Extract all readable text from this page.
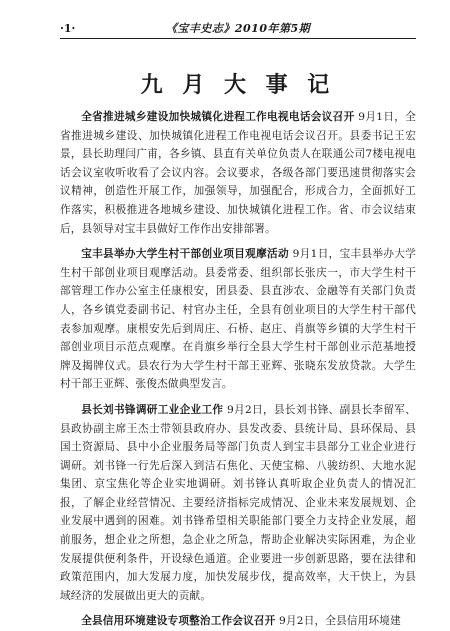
·1·	《宝丰史志》2010年第5期
九 月 大 事 记

全省推进城乡建设加快城镇化进程工作电视电话会议召开 9月1日，全省推进城乡建设、加快城镇化进程工作电视电话会议召开。县委书记王宏景，县长助理闫广甫，各乡镇、县直有关单位负责人在联通公司7楼电视电话会议室收听收看了会议内容。会议要求，各级各部门要迅速贯彻落实会议精神，创造性开展工作，加强领导，加强配合，形成合力，全面抓好工作落实，积极推进各地城乡建设、加快城镇化进程工作。省、市会议结束后，县领导对宝丰县做好工作作出安排部署。

宝丰县举办大学生村干部创业项目观摩活动 9月1日，宝丰县举办大学生村干部创业项目观摩活动。县委常委、组织部长张庆一，市大学生村干部管理工作办公室主任康根安，团县委、县直涉农、金融等有关部门负责人，各乡镇党委副书记、村官办主任，全县有创业项目的大学生村干部代表参加观摩。康根安先后到周庄、石桥、赵庄、肖旗等乡镇的大学生村干部创业项目示范点观摩。在肖旗乡举行全县大学生村干部创业示范基地授牌及揭牌仪式。县农行为大学生村干部王亚辉、张晓东发放贷款。大学生村干部王亚辉、张俊杰做典型发言。

县长刘书锋调研工业企业工作 9月2日，县长刘书锋、副县长李留军、县政协副主席王杰士带领县政府办、县发改委、县统计局、县环保局、县国土资源局、县中小企业服务局等部门负责人到宝丰县部分工业企业进行调研。刘书锋一行先后深入到洁石焦化、天使宝棉、八骏纺织、大地水泥集团、京宝焦化等企业实地调研。刘书锋认真听取企业负责人的情况汇报，了解企业经营情况、主要经济指标完成情况、企业未来发展规划、企业发展中遇到的困难。刘书锋希望相关职能部门要全力支持企业发展，超前服务，想企业之所想，急企业之所急，帮助企业解决实际困难，为企业发展提供便利条件，开设绿色通道。企业要进一步创新思路，要在法律和政策范围内，加大发展力度，加快发展步伐，提高效率，大干快上，为县域经济的发展做出更大的贡献。

全县信用环境建设专项整治工作会议召开 9月2日，全县信用环境建
